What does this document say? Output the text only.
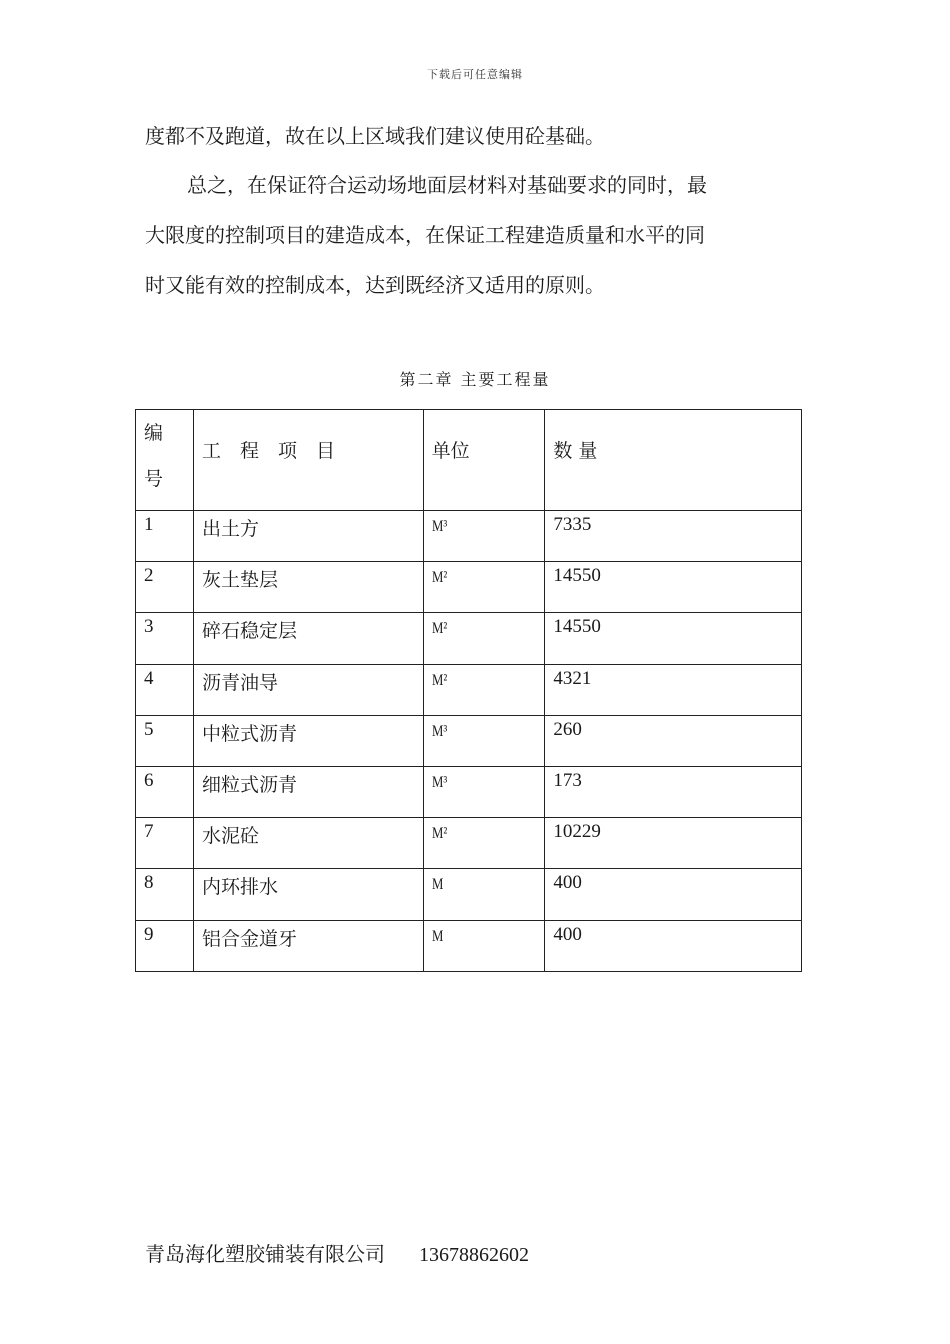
下载后可任意编辑
度都不及跑道，故在以上区域我们建议使用砼基础。
总之，在保证符合运动场地面层材料对基础要求的同时，最
大限度的控制项目的建造成本，在保证工程建造质量和水平的同
时又能有效的控制成本，达到既经济又适用的原则。
第二章 主要工程量
编
号	工　程　项　目	单位	数 量

1	出土方	M³	7335
2	灰土垫层	M²	14550
3	碎石稳定层	M²	14550
4	沥青油导	M²	4321
5	中粒式沥青	M³	260
6	细粒式沥青	M³	173
7	水泥砼	M²	10229
8	内环排水	M	400
9	铝合金道牙	M	400
青岛海化塑胶铺装有限公司 13678862602
